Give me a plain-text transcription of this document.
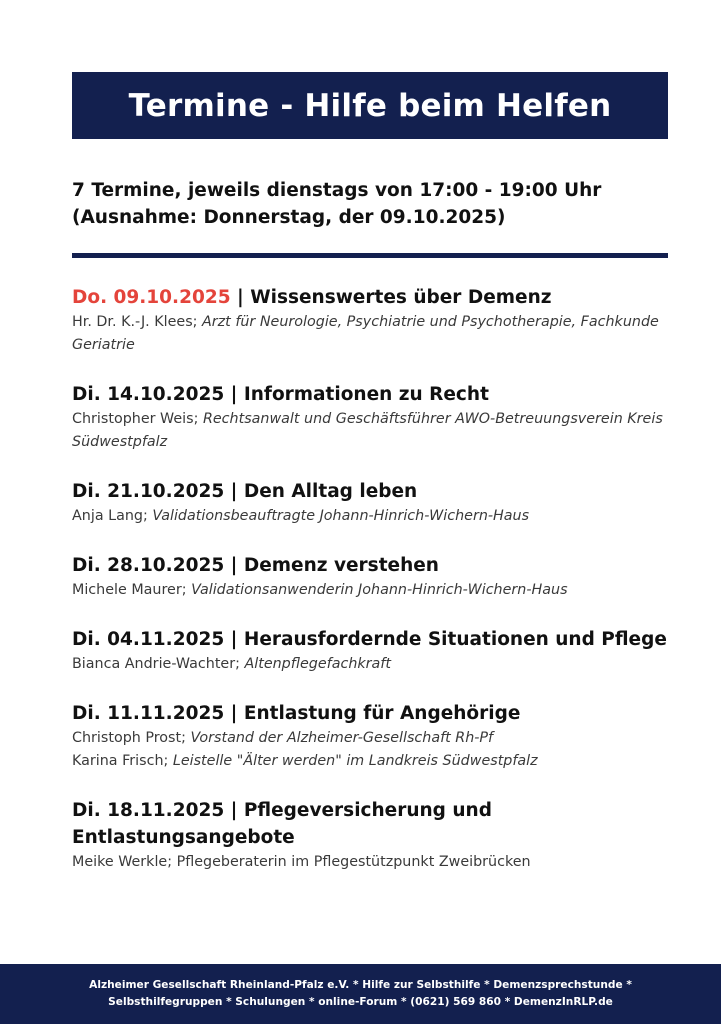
Termine - Hilfe beim Helfen
7 Termine, jeweils dienstags von 17:00 - 19:00 Uhr
(Ausnahme: Donnerstag, der 09.10.2025)
Do. 09.10.2025 | Wissenswertes über Demenz

Hr. Dr. K.-J. Klees; Arzt für Neurologie, Psychiatrie und Psychotherapie, Fachkunde Geriatrie

Di. 14.10.2025 | Informationen zu Recht

Christopher Weis; Rechtsanwalt und Geschäftsführer AWO-Betreuungsverein Kreis Südwestpfalz

Di. 21.10.2025 | Den Alltag leben

Anja Lang; Validationsbeauftragte Johann-Hinrich-Wichern-Haus

Di. 28.10.2025 | Demenz verstehen

Michele Maurer; Validationsanwenderin Johann-Hinrich-Wichern-Haus

Di. 04.11.2025 | Herausfordernde Situationen und Pflege

Bianca Andrie-Wachter; Altenpflegefachkraft

Di. 11.11.2025 | Entlastung für Angehörige

Christoph Prost; Vorstand der Alzheimer-Gesellschaft Rh-Pf

Karina Frisch; Leistelle "Älter werden" im Landkreis Südwestpfalz

Di. 18.11.2025 | Pflegeversicherung und Entlastungsangebote

Meike Werkle; Pflegeberaterin im Pflegestützpunkt Zweibrücken

Alzheimer Gesellschaft Rheinland-Pfalz e.V. * Hilfe zur Selbsthilfe * Demenzsprechstunde *
Selbsthilfegruppen * Schulungen * online-Forum * (0621) 569 860 * DemenzInRLP.de
